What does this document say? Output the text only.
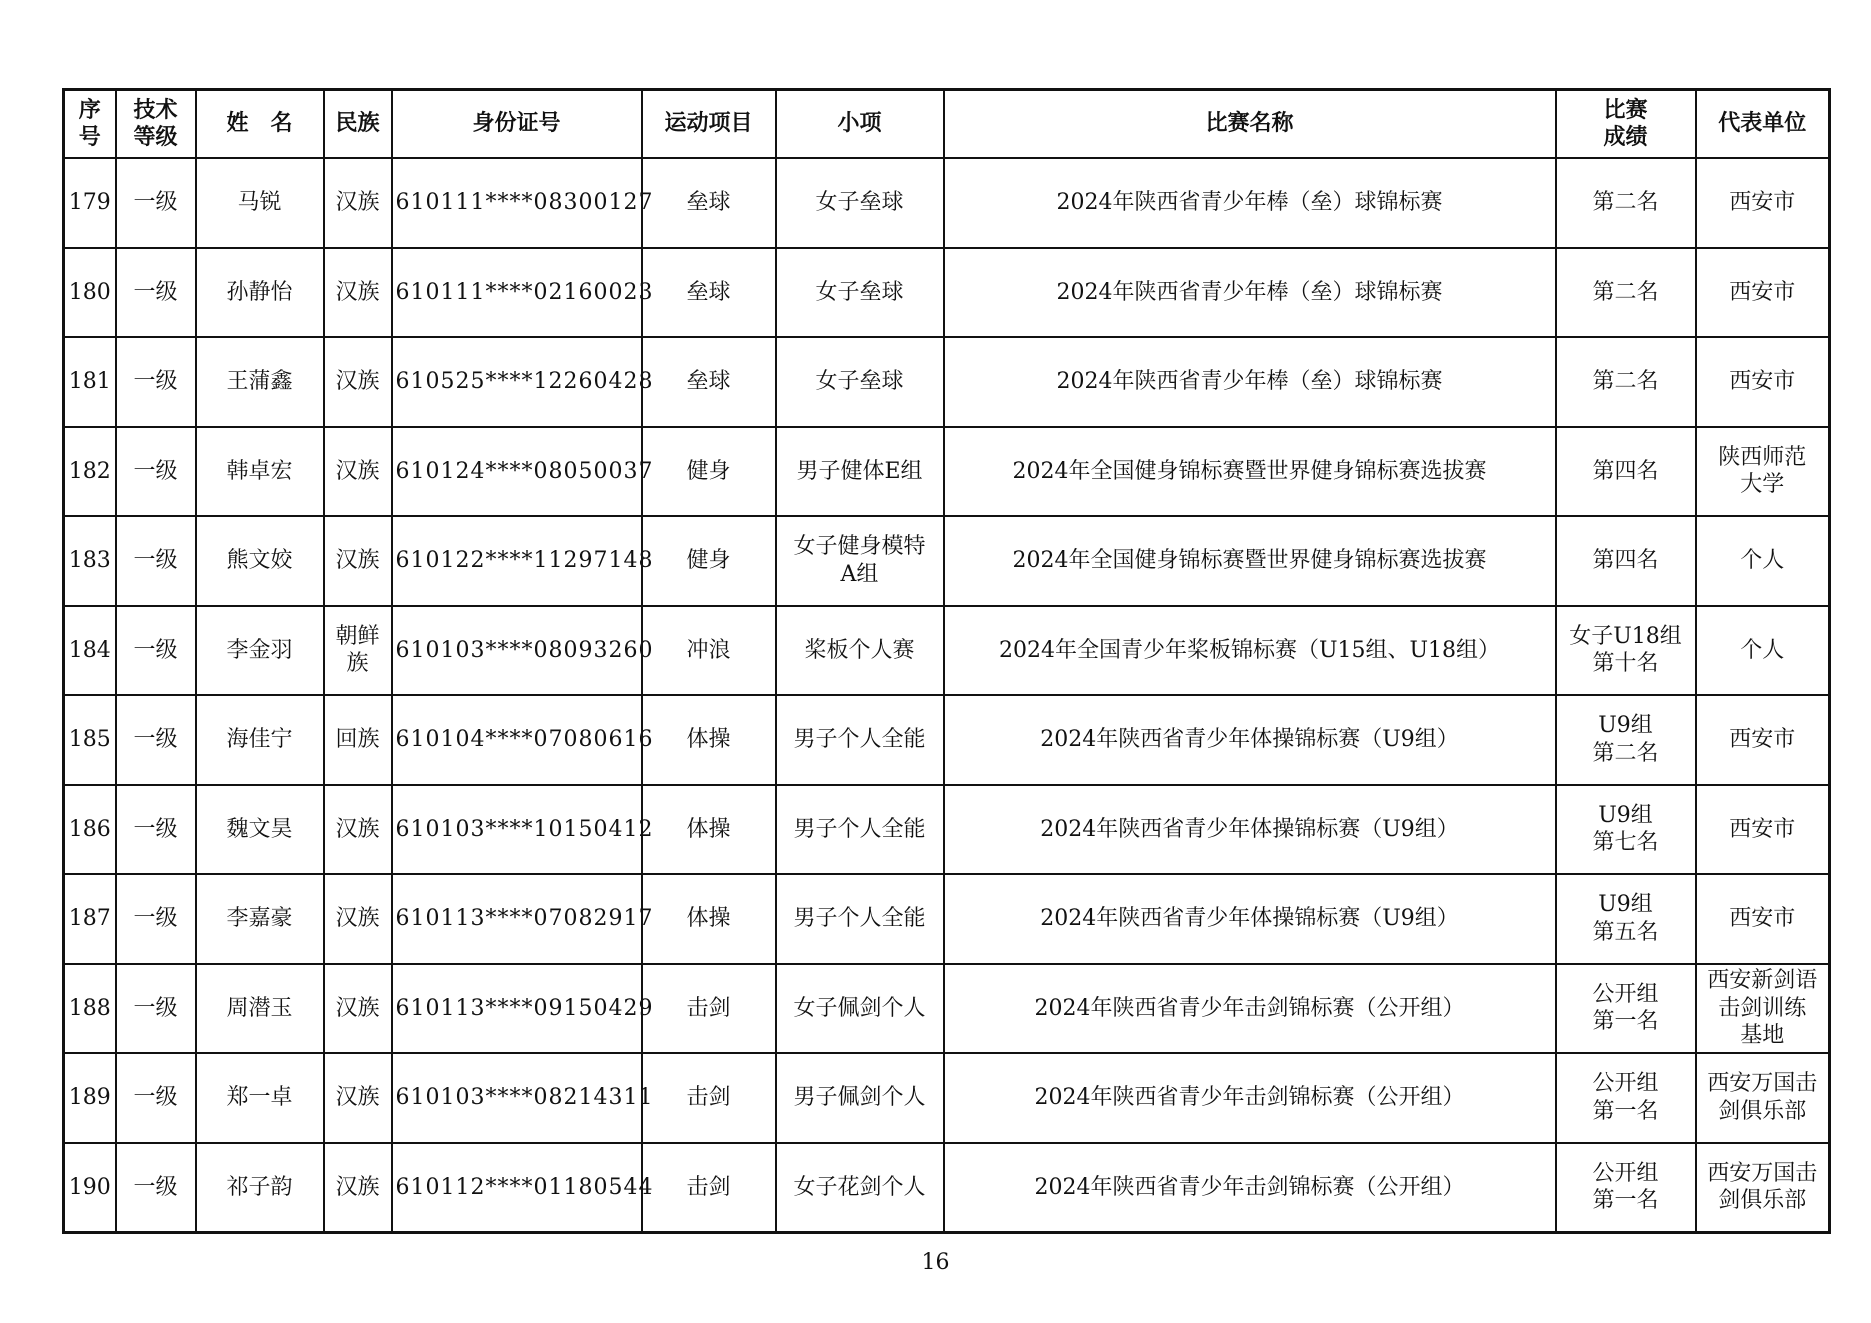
序
号	技术
等级	姓　名	民族	身份证号	运动项目	小项	比赛名称	比赛
成绩	代表单位

179	一级	马锐	汉族	610111****08300127	垒球	女子垒球	2024年陕西省青少年棒（垒）球锦标赛	第二名	西安市

180	一级	孙静怡	汉族	610111****02160023	垒球	女子垒球	2024年陕西省青少年棒（垒）球锦标赛	第二名	西安市

181	一级	王蒲鑫	汉族	610525****12260428	垒球	女子垒球	2024年陕西省青少年棒（垒）球锦标赛	第二名	西安市

182	一级	韩卓宏	汉族	610124****08050037	健身	男子健体E组	2024年全国健身锦标赛暨世界健身锦标赛选拔赛	第四名	陕西师范
大学

183	一级	熊文姣	汉族	610122****11297148	健身	女子健身模特
A组	2024年全国健身锦标赛暨世界健身锦标赛选拔赛	第四名	个人

184	一级	李金羽	朝鲜
族	610103****08093260	冲浪	桨板个人赛	2024年全国青少年桨板锦标赛（U15组、U18组）	女子U18组
第十名	个人

185	一级	海佳宁	回族	610104****07080616	体操	男子个人全能	2024年陕西省青少年体操锦标赛（U9组）	U9组
第二名	西安市

186	一级	魏文昊	汉族	610103****10150412	体操	男子个人全能	2024年陕西省青少年体操锦标赛（U9组）	U9组
第七名	西安市

187	一级	李嘉豪	汉族	610113****07082917	体操	男子个人全能	2024年陕西省青少年体操锦标赛（U9组）	U9组
第五名	西安市

188	一级	周潜玉	汉族	610113****09150429	击剑	女子佩剑个人	2024年陕西省青少年击剑锦标赛（公开组）	公开组
第一名	西安新剑语
击剑训练
基地

189	一级	郑一卓	汉族	610103****08214311	击剑	男子佩剑个人	2024年陕西省青少年击剑锦标赛（公开组）	公开组
第一名	西安万国击
剑俱乐部

190	一级	祁子韵	汉族	610112****01180544	击剑	女子花剑个人	2024年陕西省青少年击剑锦标赛（公开组）	公开组
第一名	西安万国击
剑俱乐部
16
